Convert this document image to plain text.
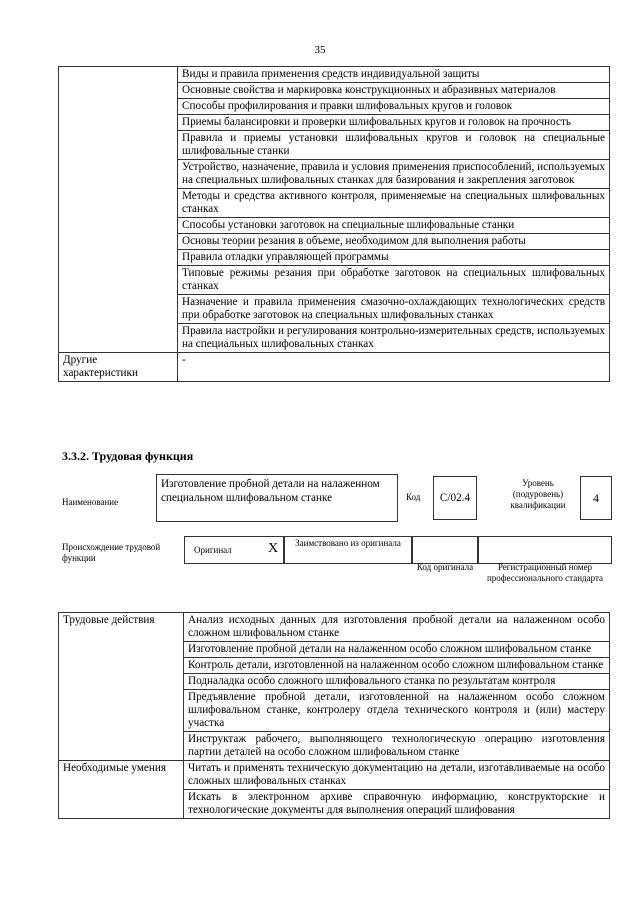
35
	Виды и правила применения средств индивидуальной защиты
	Основные свойства и маркировка конструкционных и абразивных материалов
	Способы профилирования и правки шлифовальных кругов и головок
	Приемы балансировки и проверки шлифовальных кругов и головок на прочность
	Правила и приемы установки шлифовальных кругов и головок на специальные шлифовальные станки
	Устройство, назначение, правила и условия применения приспособлений, используемых на специальных шлифовальных станках для базирования и закрепления заготовок
	Методы и средства активного контроля, применяемые на специальных шлифовальных станках
	Способы установки заготовок на специальные шлифовальные станки
	Основы теории резания в объеме, необходимом для выполнения работы
	Правила отладки управляющей программы
	Типовые режимы резания при обработке заготовок на специальных шлифовальных станках
	Назначение и правила применения смазочно-охлаждающих технологических средств при обработке заготовок на специальных шлифовальных станках
	Правила настройки и регулирования контрольно-измерительных средств, используемых на специальных шлифовальных станках
Другие характеристики	-
3.3.2. Трудовая функция
Наименование
Изготовление пробной детали на налаженном специальном шлифовальном станке	Код	C/02.4
Уровень (подуровень) квалификации	4
Происхождение трудовой функции
Оригинал	X	Заимствовано из оригинала
Код оригинала	Регистрационный номер профессионального стандарта
Трудовые действия	Анализ исходных данных для изготовления пробной детали на налаженном особо сложном шлифовальном станке
	Изготовление пробной детали на налаженном особо сложном шлифовальном станке
	Контроль детали, изготовленной на налаженном особо сложном шлифовальном станке
	Подналадка особо сложного шлифовального станка по результатам контроля
	Предъявление пробной детали, изготовленной на налаженном особо сложном шлифовальном станке, контролеру отдела технического контроля и (или) мастеру участка
	Инструктаж рабочего, выполняющего технологическую операцию изготовления партии деталей на особо сложном шлифовальном станке
Необходимые умения	Читать и применять техническую документацию на детали, изготавливаемые на особо сложных шлифовальных станках
	Искать в электронном архиве справочную информацию, конструкторские и технологические документы для выполнения операций шлифования
